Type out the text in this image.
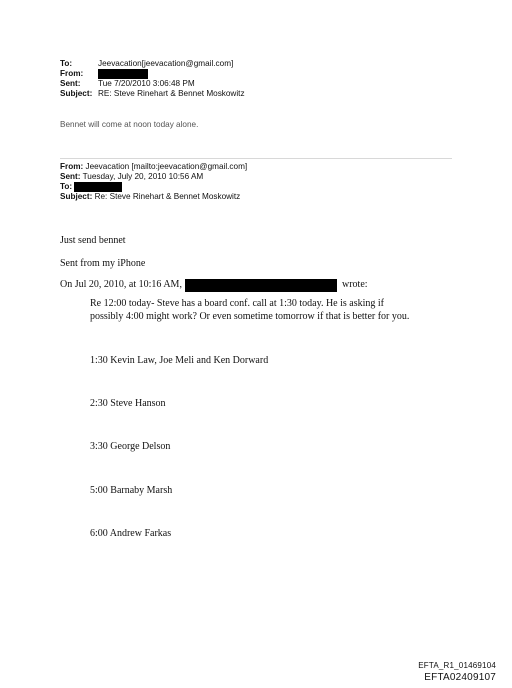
To:	Jeevacation[jeevacation@gmail.com]
From:
Sent: Tue 7/20/2010 3:06:48 PM
Subject: RE: Steve Rinehart & Bennet Moskowitz
Bennet will come at noon today alone.
From: Jeevacation [mailto:jeevacation@gmail.com]
Sent: Tuesday, July 20, 2010 10:56 AM
To:
Subject: Re: Steve Rinehart & Bennet Moskowitz
Just send bennet
Sent from my iPhone
On Jul 20, 2010, at 10:16 AM,	wrote:
Re 12:00 today- Steve has a board conf. call at 1:30 today. He is asking if
possibly 4:00 might work? Or even sometime tomorrow if that is better for you.
1:30 Kevin Law, Joe Meli and Ken Dorward
2:30 Steve Hanson
3:30 George Delson
5:00 Barnaby Marsh
6:00 Andrew Farkas
EFTA_R1_01469104
EFTA02409107
